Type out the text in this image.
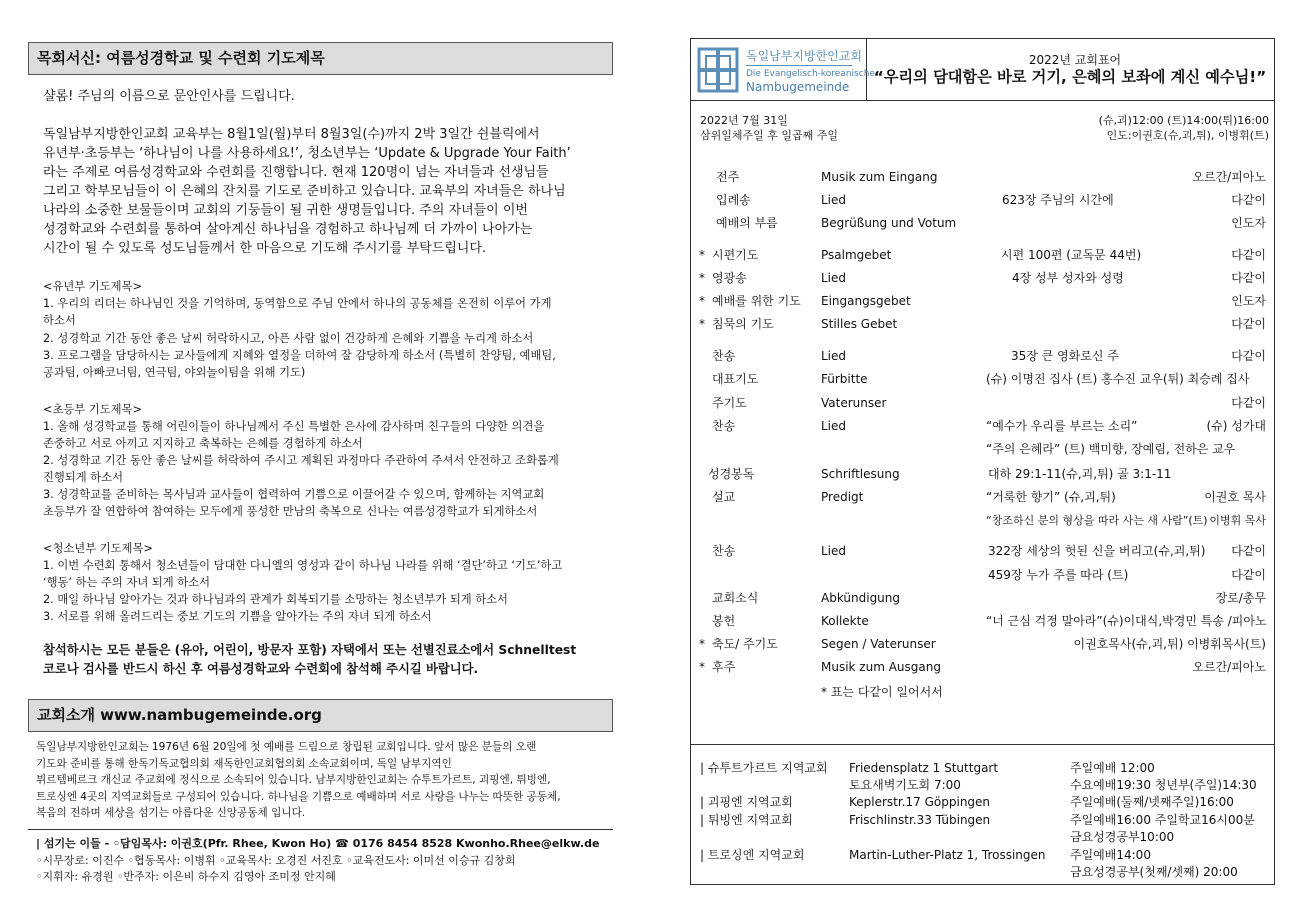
목회서신: 여름성경학교 및 수련회 기도제목

샬롬! 주님의 이름으로 문안인사를 드립니다.

독일남부지방한인교회 교육부는 8월1일(월)부터 8월3일(수)까지 2박 3일간 쉰블릭에서

유년부·초등부는 ‘하나님이 나를 사용하세요!’, 청소년부는 ‘Update & Upgrade Your Faith’

라는 주제로 여름성경학교와 수련회를 진행합니다. 현재 120명이 넘는 자녀들과 선생님들

그리고 학부모님들이 이 은혜의 잔치를 기도로 준비하고 있습니다. 교육부의 자녀들은 하나님

나라의 소중한 보물들이며 교회의 기둥들이 될 귀한 생명들입니다. 주의 자녀들이 이번

성경학교와 수련회를 통하여 살아계신 하나님을 경험하고 하나님께 더 가까이 나아가는

시간이 될 수 있도록 성도님들께서 한 마음으로 기도해 주시기를 부탁드립니다.

<유년부 기도제목>

1. 우리의 리더는 하나님인 것을 기억하며, 동역함으로 주님 안에서 하나의 공동체를 온전히 이루어 가게

하소서

2. 성경학교 기간 동안 좋은 날씨 허락하시고, 아픈 사람 없이 건강하게 은혜와 기쁨을 누리게 하소서

3. 프로그램을 담당하시는 교사들에게 지혜와 열정을 더하여 잘 감당하게 하소서 (특별히 찬양팀, 예배팀,

공과팀, 아빠코너팀, 연극팀, 야외놀이팀을 위해 기도)

<초등부 기도제목>

1. 올해 성경학교를 통해 어린이들이 하나님께서 주신 특별한 은사에 감사하며 친구들의 다양한 의견을

존중하고 서로 아끼고 지지하고 축복하는 은혜를 경험하게 하소서

2. 성경학교 기간 동안 좋은 날씨를 허락하여 주시고 계획된 과정마다 주관하여 주셔서 안전하고 조화롭게

진행되게 하소서

3. 성경학교를 준비하는 목사님과 교사들이 협력하여 기쁨으로 이끌어갈 수 있으며, 함께하는 지역교회

초등부가 잘 연합하여 참여하는 모두에게 풍성한 만남의 축복으로 신나는 여름성경학교가 되게하소서

<청소년부 기도제목>

1. 이번 수련회 통해서 청소년들이 담대한 다니엘의 영성과 같이 하나님 나라를 위해 ‘결단’하고 ‘기도’하고

‘행동’ 하는 주의 자녀 되게 하소서

2. 매일 하나님 알아가는 것과 하나님과의 관계가 회복되기를 소망하는 청소년부가 되게 하소서

3. 서로를 위해 올려드리는 중보 기도의 기쁨을 알아가는 주의 자녀 되게 하소서

참석하시는 모든 분들은 (유아, 어린이, 방문자 포함) 자택에서 또는 선별진료소에서 Schnelltest

코로나 검사를 반드시 하신 후 여름성경학교와 수련회에 참석해 주시길 바랍니다.

교회소개 www.nambugemeinde.org
독일남부지방한인교회는 1976년 6월 20일에 첫 예배를 드림으로 창립된 교회입니다. 앞서 많은 분들의 오랜
기도와 준비를 통해 한독기독교협의회 재독한인교회협의회 소속교회이며, 독일 남부지역인
뷔르템베르크 개신교 주교회에 정식으로 소속되어 있습니다. 남부지방한인교회는 슈투트가르트, 괴핑엔, 튀빙엔,
트로싱엔 4곳의 지역교회들로 구성되어 있습니다. 하나님을 기쁨으로 예배하며 서로 사랑을 나누는 따뜻한 공동체,
복음의 전하며 세상을 섬기는 아름다운 신앙공동체 입니다.
| 섬기는 이들 - ◦담임목사: 이권호(Pfr. Rhee, Kwon Ho) ☎ 0176 8454 8528 Kwonho.Rhee@elkw.de
◦시무장로: 이진수 ◦협동목사: 이병휘 ◦교육목사: 오경진 서진호 ◦교육전도사: 이미선 이승규 김창희
◦지휘자: 유경원 ◦반주자: 이은비 하수지 김영아 조미정 안지혜
독일남부지방한인교회
Die Evangelisch-koreanische
Nambugemeinde
2022년 교회표어
“우리의 담대함은 바로 거기, 은혜의 보좌에 계신 예수님!”
2022년 7월 31일
삼위일체주일 후 일곱째 주일
(슈,괴)12:00 (트)14:00(튀)16:00
인도:이권호(슈,괴,튀), 이병휘(트)
전주	Musik zum Eingang	오르간/피아노
입례송	Lied	623장 주님의 시간에	다같이
예배의 부름	Begrüßung und Votum	인도자
* 시편기도	Psalmgebet	시편 100편 (교독문 44번)	다같이
* 영광송	Lied	4장 성부 성자와 성령	다같이
* 예배를 위한 기도 Eingangsgebet	인도자
* 침묵의 기도	Stilles Gebet	다같이
찬송	Lied	35장 큰 영화로신 주	다같이
대표기도	Fürbitte	(슈) 이명진 집사 (트) 홍수진 교우(튀) 최승례 집사
주기도	Vaterunser	다같이
찬송	Lied	“예수가 우리를 부르는 소리”	(슈) 성가대
“주의 은혜라” (트) 백미향, 장예림, 전하은 교우
성경봉독	Schriftlesung	대하 29:1-11(슈,괴,튀) 골 3:1-11
설교	Predigt	“거룩한 향기” (슈,괴,튀)	이권호 목사
“창조하신 분의 형상을 따라 사는 새 사람”(트) 이병휘 목사
찬송	Lied	322장 세상의 헛된 신을 버리고(슈,괴,튀) 다같이
459장 누가 주를 따라 (트)	다같이
교회소식	Abkündigung	장로/총무
봉헌	Kollekte	“너 근심 걱정 말아라”(슈)이대식,박경민 특송 /피아노
* 축도/ 주기도	Segen / Vaterunser	이권호목사(슈,괴,튀) 이병휘목사(트)
* 후주	Musik zum Ausgang	오르간/피아노
* 표는 다같이 일어서서
| 슈투트가르트 지역교회 Friedensplatz 1 Stuttgart	주일예배 12:00
토요새벽기도회 7:00	수요예배19:30 청년부(주일)14:30
| 괴핑엔 지역교회	Keplerstr.17 Göppingen	주일예배(둘째/넷째주일)16:00
| 튀빙엔 지역교회	Frischlinstr.33 Tübingen	주일예배16:00 주일학교16시00분
금요성경공부10:00
| 트로싱엔 지역교회	Martin-Luther-Platz 1, Trossingen 주일예배14:00
금요성경공부(첫째/셋째) 20:00
